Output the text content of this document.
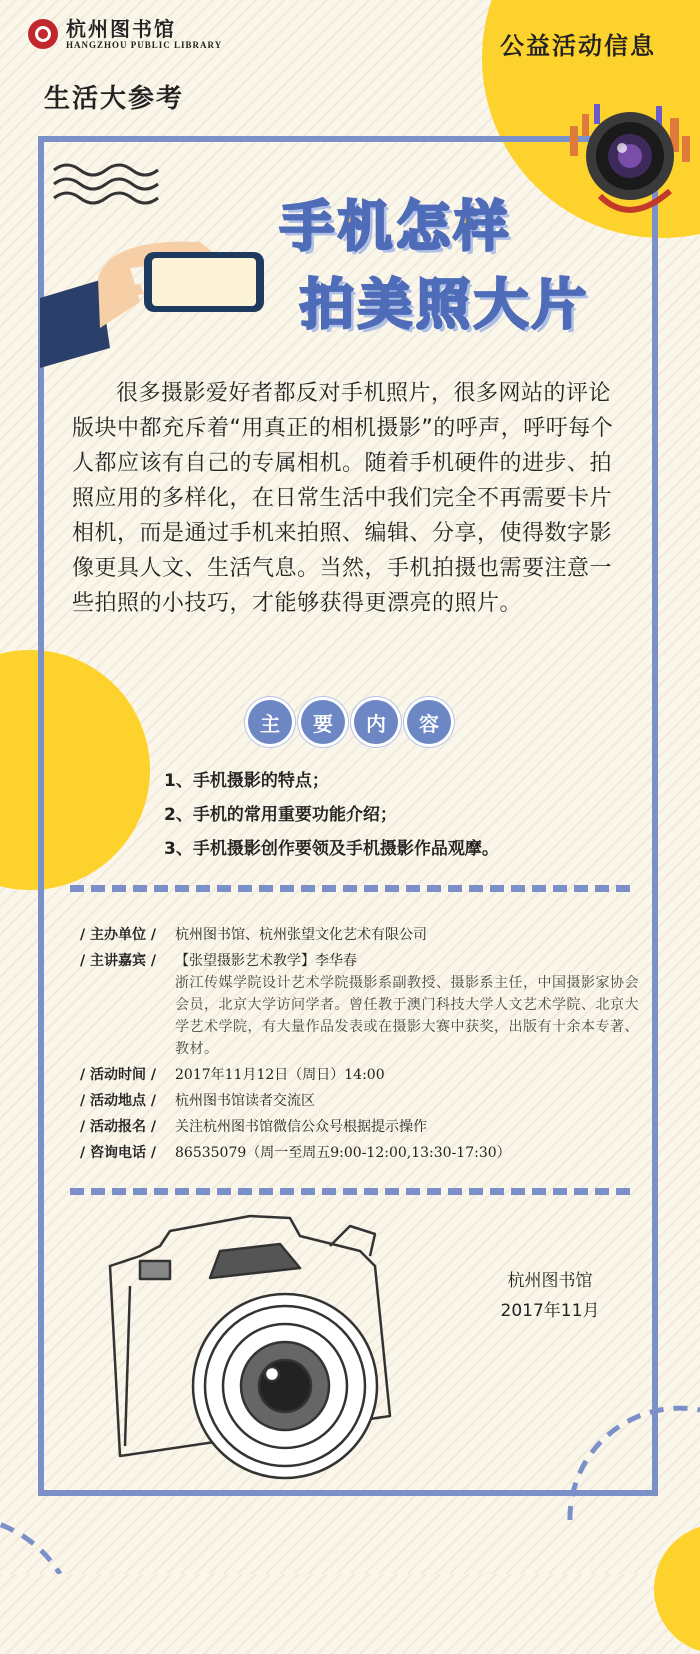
杭州图书馆
HANGZHOU PUBLIC LIBRARY
生活大参考
公益活动信息
手机怎样
拍美照大片
很多摄影爱好者都反对手机照片，很多网站的评论版块中都充斥着“用真正的相机摄影”的呼声，呼吁每个人都应该有自己的专属相机。随着手机硬件的进步、拍照应用的多样化，在日常生活中我们完全不再需要卡片相机，而是通过手机来拍照、编辑、分享，使得数字影像更具人文、生活气息。当然，手机拍摄也需要注意一些拍照的小技巧，才能够获得更漂亮的照片。
主	要	内	容
1、手机摄影的特点；
2、手机的常用重要功能介绍；
3、手机摄影创作要领及手机摄影作品观摩。
/ 主办单位 /	杭州图书馆、杭州张望文化艺术有限公司
/ 主讲嘉宾 /	【张望摄影艺术教学】李华春
浙江传媒学院设计艺术学院摄影系副教授、摄影系主任，中国摄影家协会会员，北京大学访问学者。曾任教于澳门科技大学人文艺术学院、北京大学艺术学院，有大量作品发表或在摄影大赛中获奖，出版有十余本专著、教材。
/ 活动时间 /	2017年11月12日（周日）14:00
/ 活动地点 /	杭州图书馆读者交流区
/ 活动报名 /	关注杭州图书馆微信公众号根据提示操作
/ 咨询电话 /	86535079（周一至周五9:00-12:00,13:30-17:30）
杭州图书馆
2017年11月
